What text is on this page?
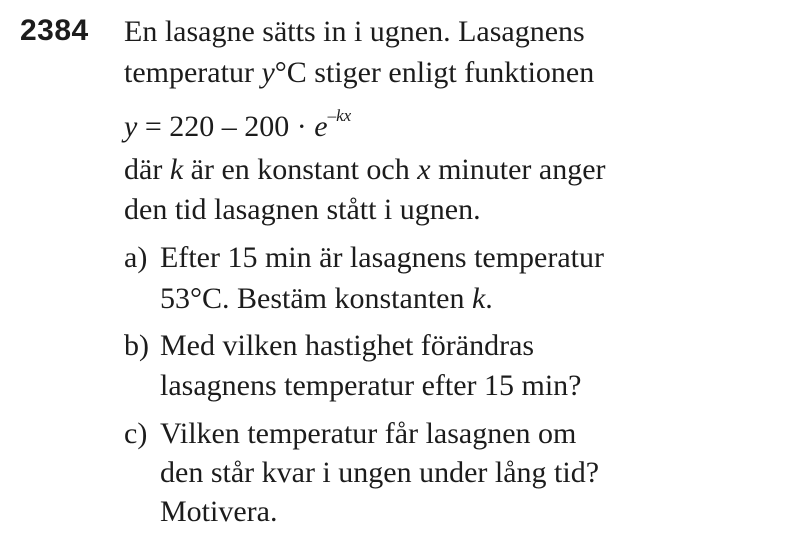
2384 En lasagne sätts in i ugnen. Lasagnens
temperatur y°C stiger enligt funktionen
$y = 220 - 200 \cdot e^{-kx}$
där k är en konstant och x minuter anger
den tid lasagnen stått i ugnen.
a) Efter 15 min är lasagnens temperatur
53°C. Bestäm konstanten k.
b) Med vilken hastighet förändras
lasagnens temperatur efter 15 min?
c) Vilken temperatur får lasagnen om
den står kvar i ungen under lång tid?
Motivera.
